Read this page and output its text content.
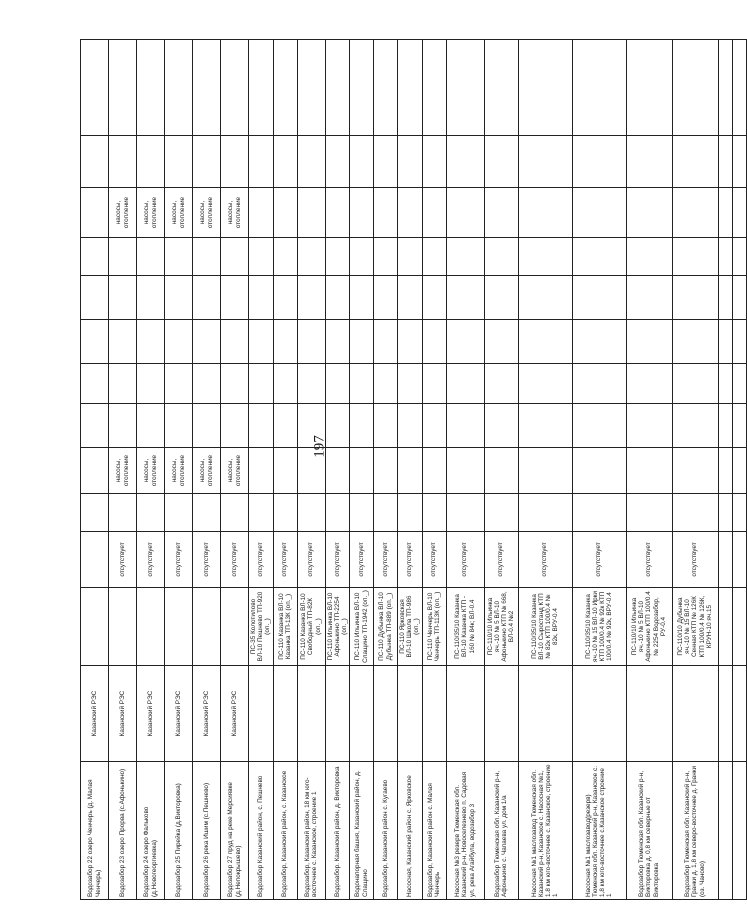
197
Водозабор 22 озеро Ченчерь (д. Малая Ченчерь)	Казанский РЭС												

Водозабор 23 озеро Прорва (с.Афонькино)	Казанский РЭС		отсутствует		насосы, отопление						насосы, отопление		

Водозабор 24 озеро Фальково (д.Новогеоргиевка)	Казанский РЭС		отсутствует		насосы, отопление						насосы, отопление		

Водозабор 25 Пирейка (д.Викторовка)	Казанский РЭС		отсутствует		насосы, отопление						насосы, отопление		

Водозабор 26 река Ишим (с.Пешнево)	Казанский РЭС		отсутствует		насосы, отопление						насосы, отопление		

Водозабор 27 пруд на реке Мерсиявке (д.Непокрышево)	Казанский РЭС		отсутствует		насосы, отопление						насосы, отопление		

Водозабор Казанский район, с. Пешнево		ПС-35 Колотилово ВЛ-10 Пешнево ТП-920 (оп._)	отсутствует										

Водозабор, Казанский район, с. Казанское		ПС-110 Казанка ВЛ-10 Казанка ТП-13К (оп._)	отсутствует										

Водозабор, Казанский район, 18 км юго-восточнее с. Казанское, строение 1		ПС-110 Казанка ВЛ-10 Свободный ТП-82К (оп._)	отсутствует										

Водозабор. Казанский район, д. Викторовка		ПС-110 Ильинка ВЛ-10 Афонькино ТП-2254 (оп._)	отсутствует										

Водонапорная башня, Казанский район, д. Слащино		ПС-110 Ильинка ВЛ-10 Слащино ТП-1942 (оп._)	отсутствует										

Водозабор, Казанский район с. Кугаево		ПС-110 Дубынка ВЛ-10 Дубынка ТП-889 (оп._)	отсутствует										

Насосная, Казанский район с. Ярковское		ПС-110 Ярковская ВЛ-10 Школа ТП-986 (оп._)	отсутствует										

Водозабор, Казанский район с. Малая Ченчерь		ПС-110 Ченчерь ВЛ-10 Ченчерь ТП-113К (оп._)	отсутствует										

Насосная №3 резерв Тюменская обл. Казанский р-н, Новоселезнево п. Садовая ул. река Агайбула, водозабор 3		ПС-110/35/10 Казанка ВЛ-10 Казанка КТП - 160 № 84к; ВЛ-0.4	отсутствует										

Водозабор Тюменская обл. Казанский р-н, Афонькино с. Чапаева ул. дом 1/а		ПС-110/10 Ильинка яч.-10 № 5 ВЛ-10 Афонькино КТП № 668, ВЛ-0.4 №2	отсутствует										

Насосная №1 маслозавод Тюменская обл. Казанский р-н, Казанское с. Насосная №1, 1.8 км юго-восточнее с. Казанское, строение 1		ПС-110/35/10 Казанка ВЛ-10 Сыростанд КТП № 82к КТП 100/0.4 № 82к, ВРУ-0.4	отсутствует										

Насосная №1 маслозавод(резерв) Тюменская обл. Казанский р-н, Казанское с. 1,8 км юго-восточнее с.Казанское строение 1		ПС-110/35/10 Казанка яч.-10 № 15 ВЛ-10 Ирки КТП 100/0.4 № 92к КТП 100/0.4 № 92к, ВРУ-0.4	отсутствует										

Водозабор Тюменская обл. Казанский р-н, Викторовка д. 0,8 км северные от Викторовка		ПС-110/10 Ильинка яч.-10 № 5 ВЛ-10 Афонькино КТП 100/0.4 № 2254 Водозабор, РУ-0.4	отсутствует										

Водозабор Тюменская обл. Казанский р-н, Гранки д. 1,8 км северо-восточнее д. Гранки (оз. Чаново)		ПС-110/10 Дубынка яч.-10 № 15 ВЛ-10 Сенная КТП № 126К КТП 100/0.4 № 126К, КРУН-10 яч.15	отсутствует										
